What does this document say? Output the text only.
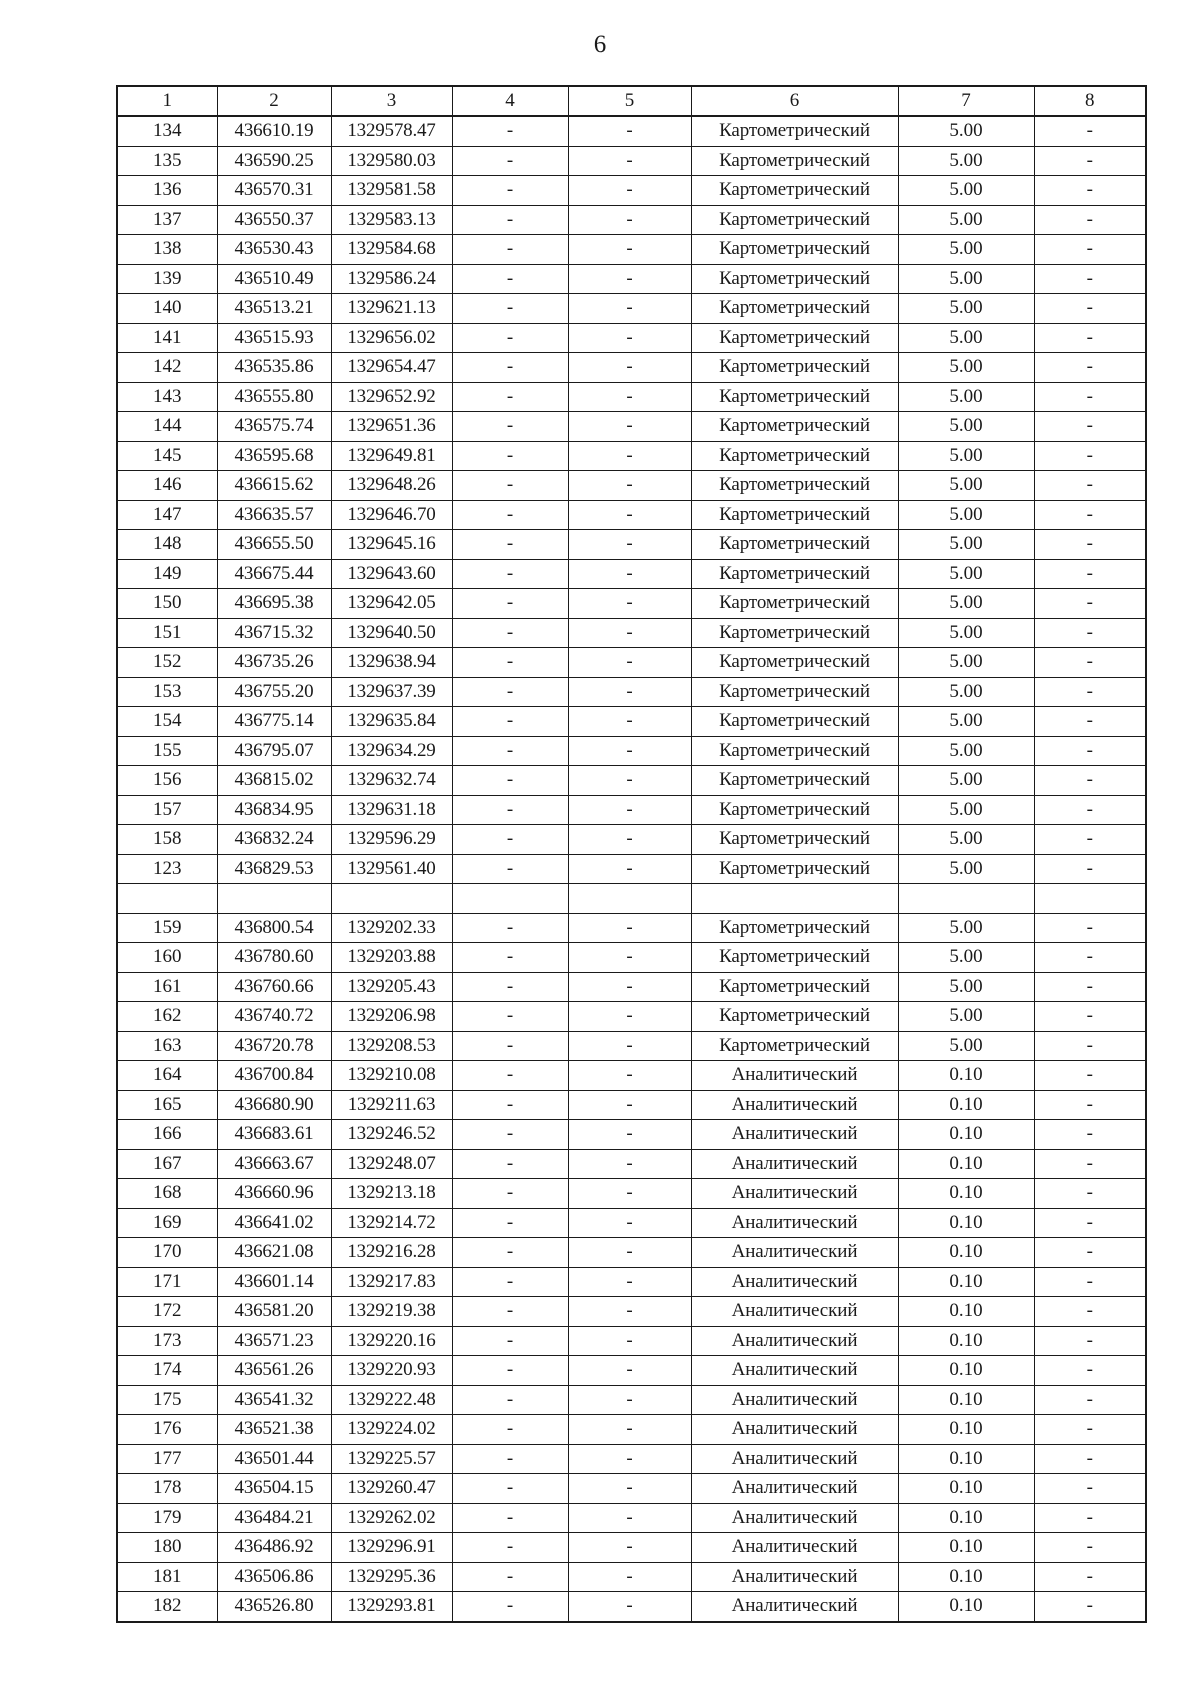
6
1	2	3	4	5	6	7	8
134	436610.19	1329578.47	-	-	Картометрический	5.00	-
135	436590.25	1329580.03	-	-	Картометрический	5.00	-
136	436570.31	1329581.58	-	-	Картометрический	5.00	-
137	436550.37	1329583.13	-	-	Картометрический	5.00	-
138	436530.43	1329584.68	-	-	Картометрический	5.00	-
139	436510.49	1329586.24	-	-	Картометрический	5.00	-
140	436513.21	1329621.13	-	-	Картометрический	5.00	-
141	436515.93	1329656.02	-	-	Картометрический	5.00	-
142	436535.86	1329654.47	-	-	Картометрический	5.00	-
143	436555.80	1329652.92	-	-	Картометрический	5.00	-
144	436575.74	1329651.36	-	-	Картометрический	5.00	-
145	436595.68	1329649.81	-	-	Картометрический	5.00	-
146	436615.62	1329648.26	-	-	Картометрический	5.00	-
147	436635.57	1329646.70	-	-	Картометрический	5.00	-
148	436655.50	1329645.16	-	-	Картометрический	5.00	-
149	436675.44	1329643.60	-	-	Картометрический	5.00	-
150	436695.38	1329642.05	-	-	Картометрический	5.00	-
151	436715.32	1329640.50	-	-	Картометрический	5.00	-
152	436735.26	1329638.94	-	-	Картометрический	5.00	-
153	436755.20	1329637.39	-	-	Картометрический	5.00	-
154	436775.14	1329635.84	-	-	Картометрический	5.00	-
155	436795.07	1329634.29	-	-	Картометрический	5.00	-
156	436815.02	1329632.74	-	-	Картометрический	5.00	-
157	436834.95	1329631.18	-	-	Картометрический	5.00	-
158	436832.24	1329596.29	-	-	Картометрический	5.00	-
123	436829.53	1329561.40	-	-	Картометрический	5.00	-

159	436800.54	1329202.33	-	-	Картометрический	5.00	-
160	436780.60	1329203.88	-	-	Картометрический	5.00	-
161	436760.66	1329205.43	-	-	Картометрический	5.00	-
162	436740.72	1329206.98	-	-	Картометрический	5.00	-
163	436720.78	1329208.53	-	-	Картометрический	5.00	-
164	436700.84	1329210.08	-	-	Аналитический	0.10	-
165	436680.90	1329211.63	-	-	Аналитический	0.10	-
166	436683.61	1329246.52	-	-	Аналитический	0.10	-
167	436663.67	1329248.07	-	-	Аналитический	0.10	-
168	436660.96	1329213.18	-	-	Аналитический	0.10	-
169	436641.02	1329214.72	-	-	Аналитический	0.10	-
170	436621.08	1329216.28	-	-	Аналитический	0.10	-
171	436601.14	1329217.83	-	-	Аналитический	0.10	-
172	436581.20	1329219.38	-	-	Аналитический	0.10	-
173	436571.23	1329220.16	-	-	Аналитический	0.10	-
174	436561.26	1329220.93	-	-	Аналитический	0.10	-
175	436541.32	1329222.48	-	-	Аналитический	0.10	-
176	436521.38	1329224.02	-	-	Аналитический	0.10	-
177	436501.44	1329225.57	-	-	Аналитический	0.10	-
178	436504.15	1329260.47	-	-	Аналитический	0.10	-
179	436484.21	1329262.02	-	-	Аналитический	0.10	-
180	436486.92	1329296.91	-	-	Аналитический	0.10	-
181	436506.86	1329295.36	-	-	Аналитический	0.10	-
182	436526.80	1329293.81	-	-	Аналитический	0.10	-
